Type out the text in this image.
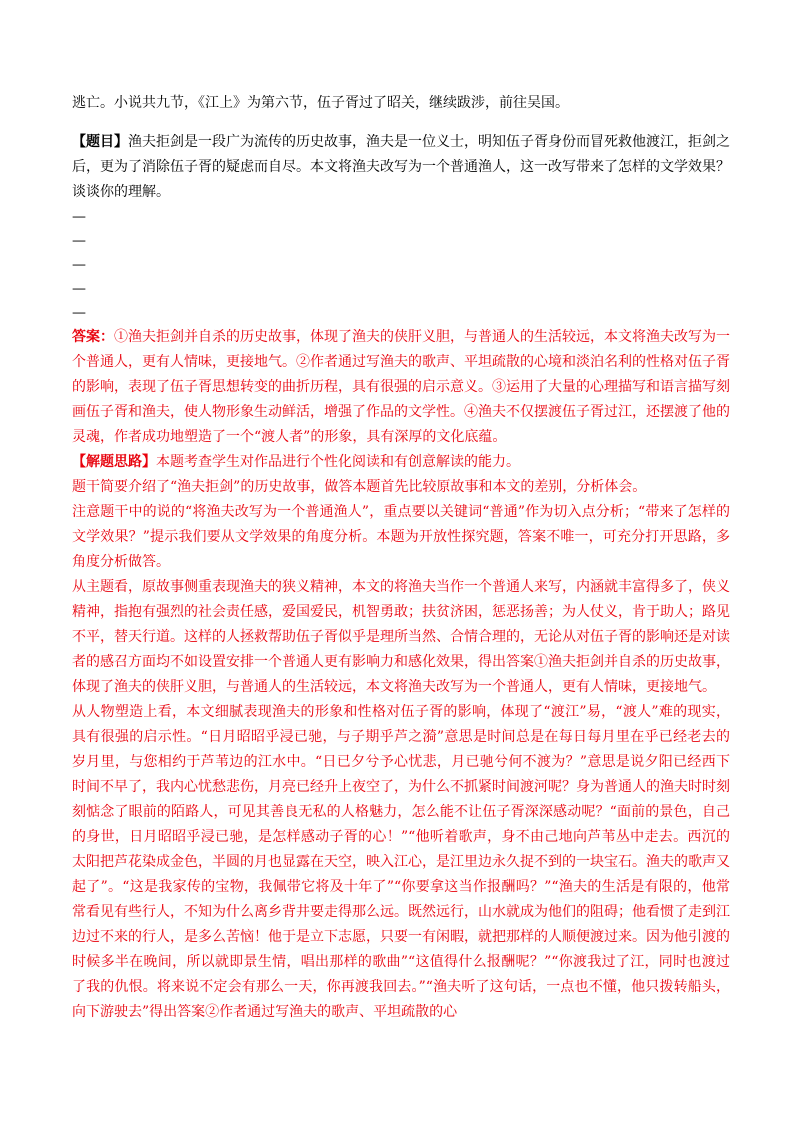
逃亡。小说共九节，《江上》为第六节，伍子胥过了昭关，继续跋涉，前往吴国。

【题目】渔夫拒剑是一段广为流传的历史故事，渔夫是一位义士，明知伍子胥身份而冒死救他渡江，拒剑之后，更为了消除伍子胥的疑虑而自尽。本文将渔夫改写为一个普通渔人，这一改写带来了怎样的文学效果？谈谈你的理解。

—
—
—
—
—

答案：①渔夫拒剑并自杀的历史故事，体现了渔夫的侠肝义胆，与普通人的生活较远，本文将渔夫改写为一个普通人，更有人情味，更接地气。②作者通过写渔夫的歌声、平坦疏散的心境和淡泊名利的性格对伍子胥的影响，表现了伍子胥思想转变的曲折历程，具有很强的启示意义。③运用了大量的心理描写和语言描写刻画伍子胥和渔夫，使人物形象生动鲜活，增强了作品的文学性。④渔夫不仅摆渡伍子胥过江，还摆渡了他的灵魂，作者成功地塑造了一个“渡人者”的形象，具有深厚的文化底蕴。

【解题思路】本题考查学生对作品进行个性化阅读和有创意解读的能力。

题干简要介绍了“渔夫拒剑”的历史故事，做答本题首先比较原故事和本文的差别，分析体会。

注意题干中的说的“将渔夫改写为一个普通渔人”，重点要以关键词“普通”作为切入点分析；“带来了怎样的文学效果？”提示我们要从文学效果的角度分析。本题为开放性探究题，答案不唯一，可充分打开思路，多角度分析做答。

从主题看，原故事侧重表现渔夫的狭义精神，本文的将渔夫当作一个普通人来写，内涵就丰富得多了，侠义精神，指抱有强烈的社会责任感，爱国爱民，机智勇敢；扶贫济困，惩恶扬善；为人仗义，肯于助人；路见不平，替天行道。这样的人拯救帮助伍子胥似乎是理所当然、合情合理的，无论从对伍子胥的影响还是对读者的感召方面均不如设置安排一个普通人更有影响力和感化效果，得出答案①渔夫拒剑并自杀的历史故事，体现了渔夫的侠肝义胆，与普通人的生活较远，本文将渔夫改写为一个普通人，更有人情味，更接地气。

从人物塑造上看，本文细腻表现渔夫的形象和性格对伍子胥的影响，体现了“渡江”易，“渡人”难的现实，具有很强的启示性。“日月昭昭乎浸已驰，与子期乎芦之漪”意思是时间总是在每日每月里在乎已经老去的岁月里，与您相约于芦苇边的江水中。“日已夕兮予心忧悲，月已驰兮何不渡为？”意思是说夕阳已经西下时间不早了，我内心忧愁悲伤，月亮已经升上夜空了，为什么不抓紧时间渡河呢？身为普通人的渔夫时时刻刻惦念了眼前的陌路人，可见其善良无私的人格魅力，怎么能不让伍子胥深深感动呢？“面前的景色，自己的身世，日月昭昭乎浸已驰，是怎样感动子胥的心！”“他听着歌声，身不由己地向芦苇丛中走去。西沉的太阳把芦花染成金色，半圆的月也显露在天空，映入江心，是江里边永久捉不到的一块宝石。渔夫的歌声又起了”。“这是我家传的宝物，我佩带它将及十年了”“你要拿这当作报酬吗？”“渔夫的生活是有限的，他常常看见有些行人，不知为什么离乡背井要走得那么远。既然远行，山水就成为他们的阻碍；他看惯了走到江边过不来的行人，是多么苦恼！他于是立下志愿，只要一有闲暇，就把那样的人顺便渡过来。因为他引渡的时候多半在晚间，所以就即景生情，唱出那样的歌曲”“这值得什么报酬呢？”“你渡我过了江，同时也渡过了我的仇恨。将来说不定会有那么一天，你再渡我回去。”“渔夫听了这句话，一点也不懂，他只拨转船头，向下游驶去”得出答案②作者通过写渔夫的歌声、平坦疏散的心
